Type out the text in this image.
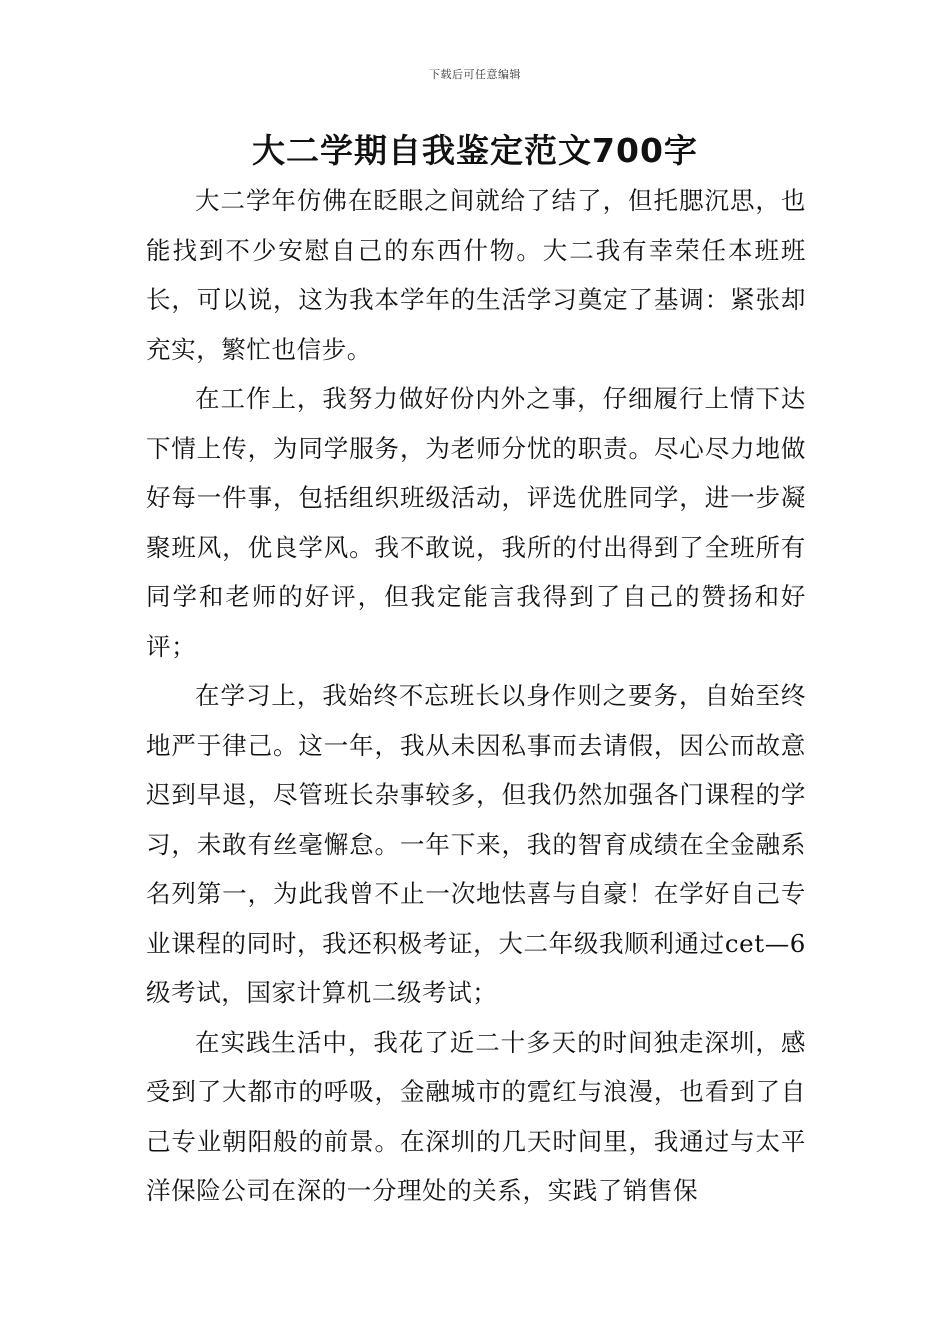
下载后可任意编辑
大二学期自我鉴定范文700字

大二学年仿佛在眨眼之间就给了结了，但托腮沉思，也能找到不少安慰自己的东西什物。大二我有幸荣任本班班长，可以说，这为我本学年的生活学习奠定了基调：紧张却充实，繁忙也信步。

在工作上，我努力做好份内外之事，仔细履行上情下达下情上传，为同学服务，为老师分忧的职责。尽心尽力地做好每一件事，包括组织班级活动，评选优胜同学，进一步凝聚班风，优良学风。我不敢说，我所的付出得到了全班所有同学和老师的好评，但我定能言我得到了自己的赞扬和好评；

在学习上，我始终不忘班长以身作则之要务，自始至终地严于律己。这一年，我从未因私事而去请假，因公而故意迟到早退，尽管班长杂事较多，但我仍然加强各门课程的学习，未敢有丝毫懈怠。一年下来，我的智育成绩在全金融系名列第一，为此我曾不止一次地怯喜与自豪！在学好自己专业课程的同时，我还积极考证，大二年级我顺利通过cet—6级考试，国家计算机二级考试；

在实践生活中，我花了近二十多天的时间独走深圳，感受到了大都市的呼吸，金融城市的霓红与浪漫，也看到了自己专业朝阳般的前景。在深圳的几天时间里，我通过与太平洋保险公司在深的一分理处的关系，实践了销售保
